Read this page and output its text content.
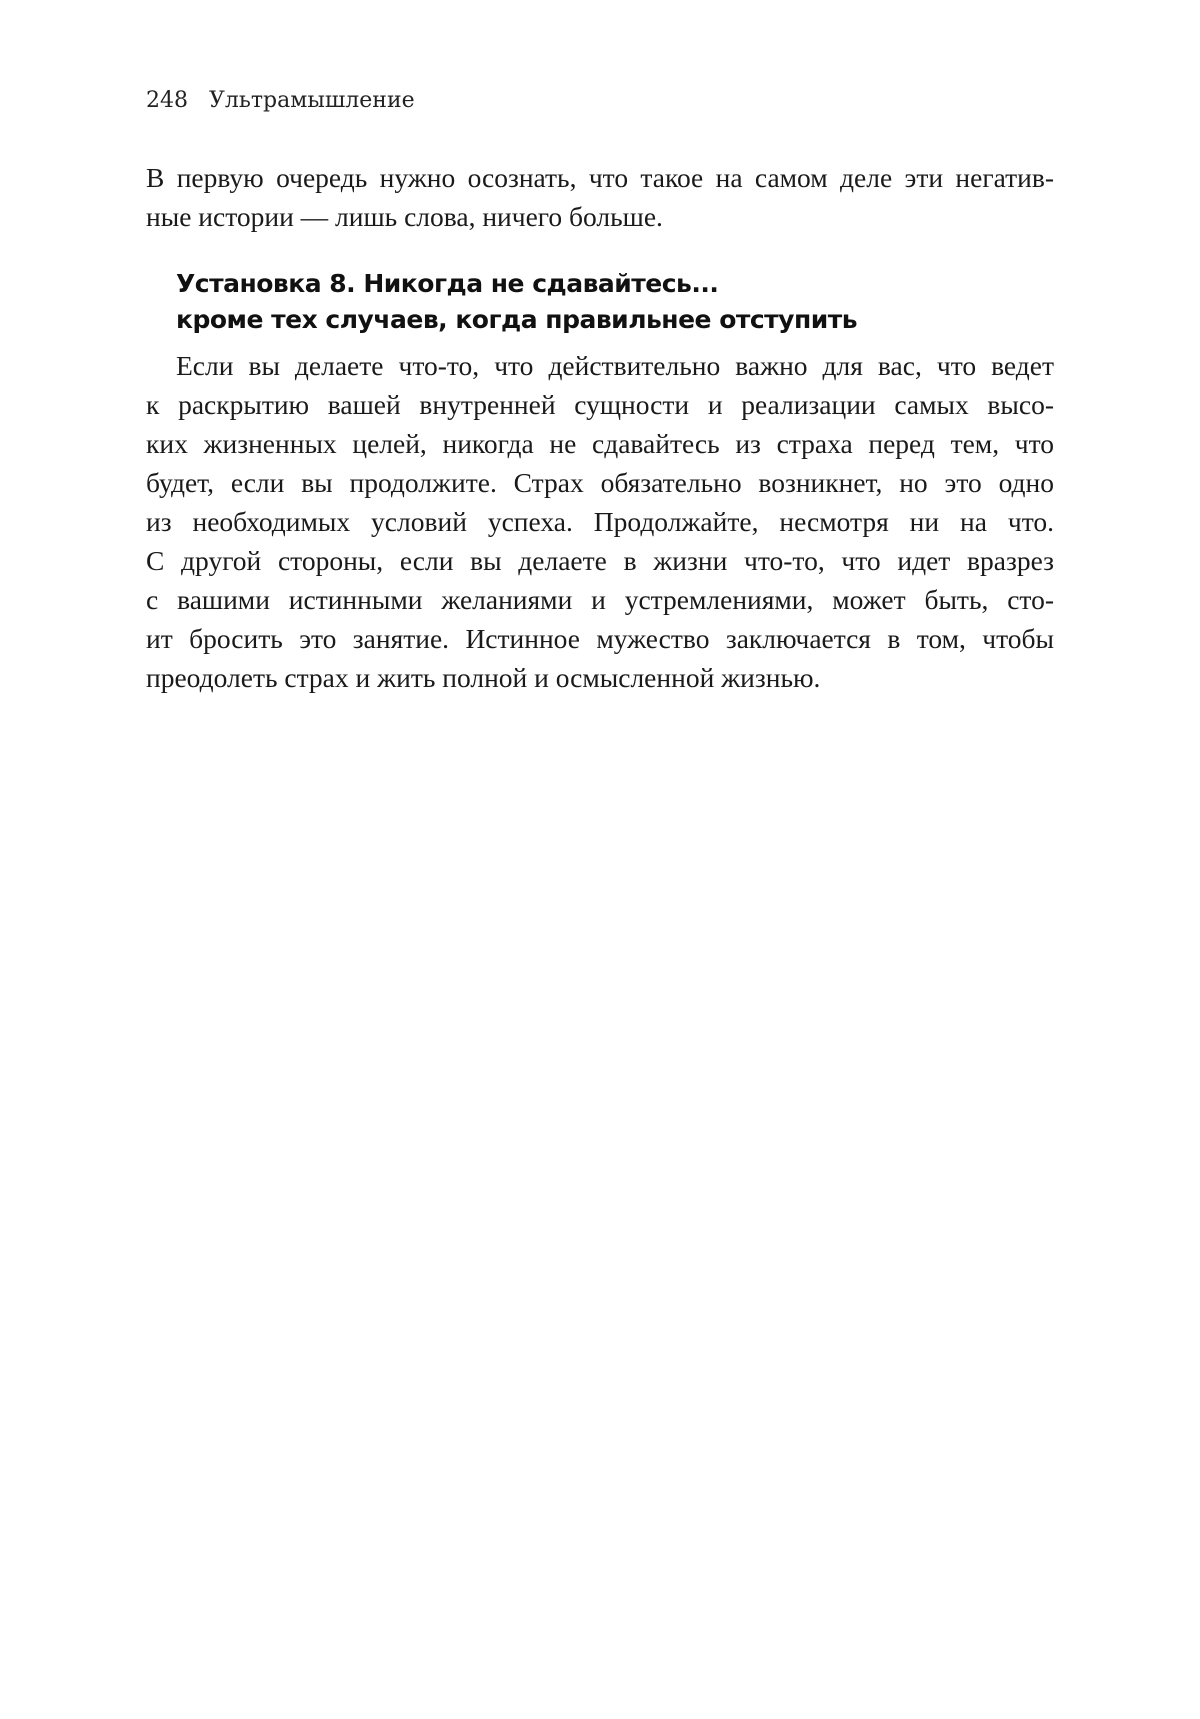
248 Ультрамышление
В первую очередь нужно осознать, что такое на самом деле эти негатив-
ные истории — лишь слова, ничего больше.
Установка 8. Никогда не сдавайтесь...
кроме тех случаев, когда правильнее отступить
Если вы делаете что-то, что действительно важно для вас, что ведет
к раскрытию вашей внутренней сущности и реализации самых высо-
ких жизненных целей, никогда не сдавайтесь из страха перед тем, что
будет, если вы продолжите. Страх обязательно возникнет, но это одно
из необходимых условий успеха. Продолжайте, несмотря ни на что.
С другой стороны, если вы делаете в жизни что-то, что идет вразрез
с вашими истинными желаниями и устремлениями, может быть, сто-
ит бросить это занятие. Истинное мужество заключается в том, чтобы
преодолеть страх и жить полной и осмысленной жизнью.
